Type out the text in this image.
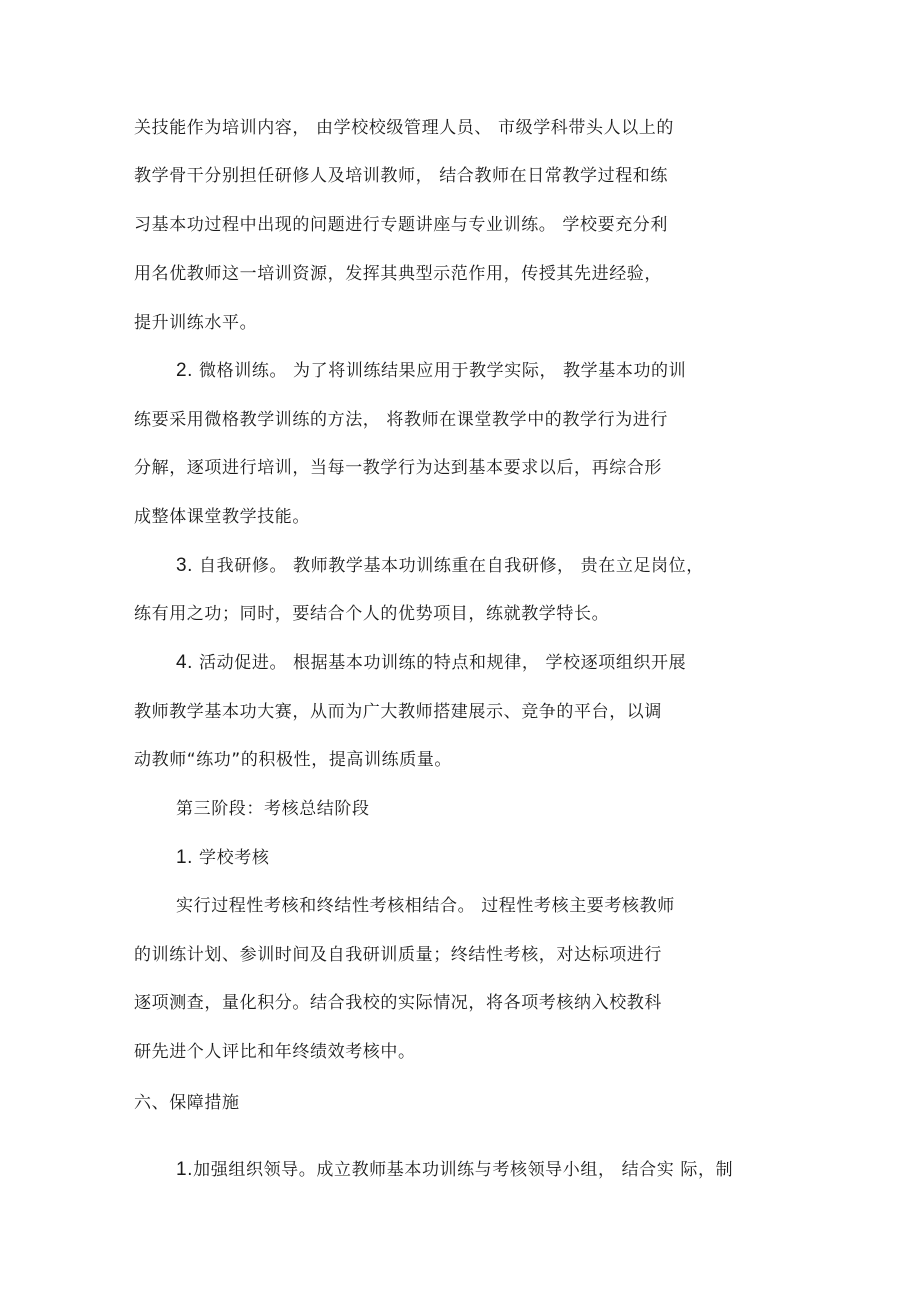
关技能作为培训内容， 由学校校级管理人员、 市级学科带头人以上的
教学骨干分别担任研修人及培训教师， 结合教师在日常教学过程和练
习基本功过程中出现的问题进行专题讲座与专业训练。 学校要充分利
用名优教师这一培训资源，发挥其典型示范作用，传授其先进经验，
提升训练水平。
2. 微格训练。 为了将训练结果应用于教学实际， 教学基本功的训
练要采用微格教学训练的方法， 将教师在课堂教学中的教学行为进行
分解，逐项进行培训，当每一教学行为达到基本要求以后，再综合形
成整体课堂教学技能。
3. 自我研修。 教师教学基本功训练重在自我研修， 贵在立足岗位，
练有用之功；同时，要结合个人的优势项目，练就教学特长。
4. 活动促进。 根据基本功训练的特点和规律， 学校逐项组织开展
教师教学基本功大赛，从而为广大教师搭建展示、竞争的平台，以调
动教师“练功”的积极性，提高训练质量。
第三阶段：考核总结阶段
1. 学校考核
实行过程性考核和终结性考核相结合。 过程性考核主要考核教师
的训练计划、参训时间及自我研训质量；终结性考核，对达标项进行
逐项测查，量化积分。结合我校的实际情况，将各项考核纳入校教科
研先进个人评比和年终绩效考核中。
六、保障措施
1.加强组织领导。成立教师基本功训练与考核领导小组， 结合实 际，制
